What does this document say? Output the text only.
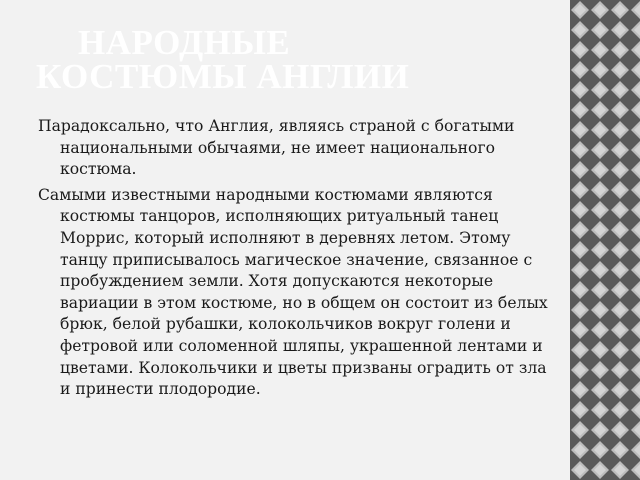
НАРОДНЫЕ
КОСТЮМЫ АНГЛИИ

Парадоксально, что Англия, являясь страной с богатыми национальными обычаями, не имеет национального костюма.

Самыми известными народными костюмами являются костюмы танцоров, исполняющих ритуальный танец Моррис, который исполняют в деревнях летом. Этому танцу приписывалось магическое значение, связанное с пробуждением земли. Хотя допускаются некоторые вариации в этом костюме, но в общем он состоит из белых брюк, белой рубашки, колокольчиков вокруг голени и фетровой или соломенной шляпы, украшенной лентами и цветами. Колокольчики и цветы призваны оградить от зла и принести плодородие.
